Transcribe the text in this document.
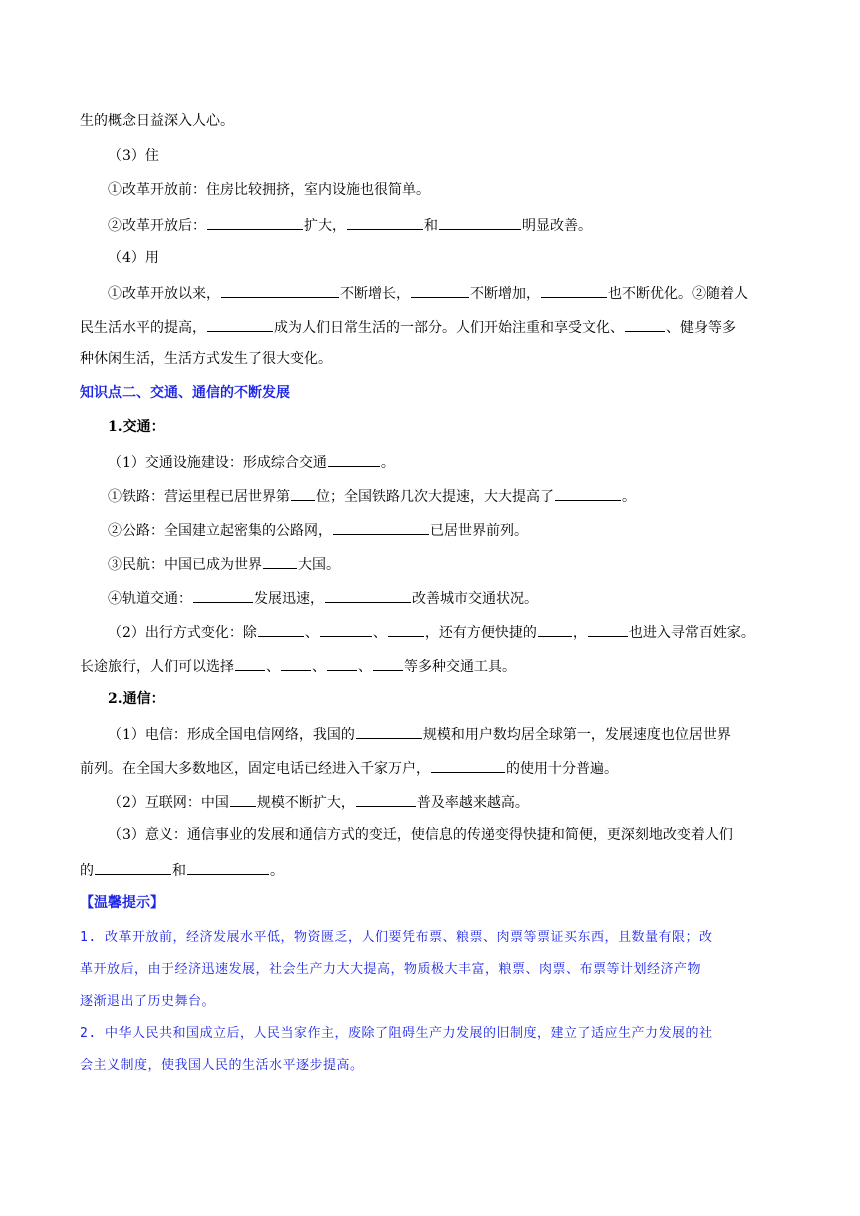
生的概念日益深入人心。
（3）住
①改革开放前：住房比较拥挤，室内设施也很简单。
②改革开放后：	扩大，	和	明显改善。
（4）用
①改革开放以来，	不断增长，	不断增加，	也不断优化。②随着人
民生活水平的提高，	成为人们日常生活的一部分。人们开始注重和享受文化、	、健身等多
种休闲生活，生活方式发生了很大变化。
知识点二、交通、通信的不断发展
1.交通：
（1）交通设施建设：形成综合交通	。
①铁路：营运里程已居世界第 位；全国铁路几次大提速，大大提高了	。
②公路：全国建立起密集的公路网，	已居世界前列。
③民航：中国已成为世界	大国。
④轨道交通：	发展迅速，	改善城市交通状况。
（2）出行方式变化：除	、	、	，还有方便快捷的	，	也进入寻常百姓家。
长途旅行，人们可以选择 、 、 、 等多种交通工具。
2.通信：
（1）电信：形成全国电信网络，我国的	规模和用户数均居全球第一，发展速度也位居世界
前列。在全国大多数地区，固定电话已经进入千家万户，	的使用十分普遍。
（2）互联网：中国 规模不断扩大，	普及率越来越高。
（3）意义：通信事业的发展和通信方式的变迁，使信息的传递变得快捷和简便，更深刻地改变着人们
的	和	。
【温馨提示】
1. 改革开放前，经济发展水平低，物资匮乏，人们要凭布票、粮票、肉票等票证买东西，且数量有限；改
革开放后，由于经济迅速发展，社会生产力大大提高，物质极大丰富，粮票、肉票、布票等计划经济产物
逐渐退出了历史舞台。
2. 中华人民共和国成立后，人民当家作主，废除了阻碍生产力发展的旧制度，建立了适应生产力发展的社
会主义制度，使我国人民的生活水平逐步提高。
